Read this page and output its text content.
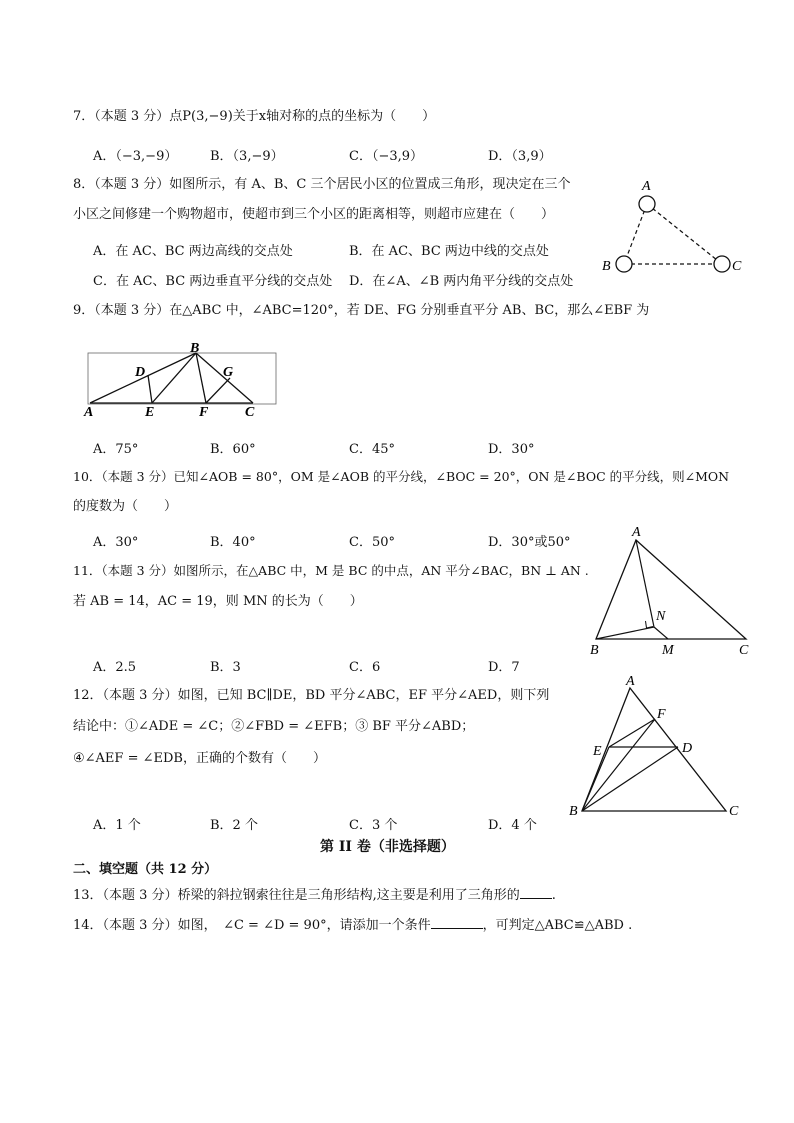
7．（本题 3 分）点P(3,−9)关于x轴对称的点的坐标为（　　）
A．（−3,−9）	B．（3,−9）	C．（−3,9）	D．（3,9）
8．（本题 3 分）如图所示，有 A、B、C 三个居民小区的位置成三角形，现决定在三个
小区之间修建一个购物超市，使超市到三个小区的距离相等，则超市应建在（　　）
A．在 AC、BC 两边高线的交点处	B．在 AC、BC 两边中线的交点处
C．在 AC、BC 两边垂直平分线的交点处 D．在∠A、∠B 两内角平分线的交点处
A
B	C
9．（本题 3 分）在△ABC 中，∠ABC=120°，若 DE、FG 分别垂直平分 AB、BC，那么∠EBF 为
B
D	G
A	E	F	C
A．75°	B．60°	C．45°	D．30°
10．（本题 3 分）已知∠AOB = 80°，OM 是∠AOB 的平分线，∠BOC = 20°，ON 是∠BOC 的平分线，则∠MON
的度数为（　　）
A．30°	B．40°	C．50°	D．30°或50°
11．（本题 3 分）如图所示，在△ABC 中，M 是 BC 的中点，AN 平分∠BAC，BN ⊥ AN .
若 AB = 14，AC = 19，则 MN 的长为（　　）
A．2.5	B．3	C．6	D．7
A
N
B	M	C
12．（本题 3 分）如图，已知 BC∥DE，BD 平分∠ABC，EF 平分∠AED，则下列
结论中：①∠ADE = ∠C；②∠FBD = ∠EFB；③ BF 平分∠ABD；
④∠AEF = ∠EDB，正确的个数有（　　）
A．1 个	B．2 个	C．3 个	D．4 个
A
F
E	D
B	C
第 II 卷（非选择题）
二、填空题（共 12 分）
13．（本题 3 分）桥梁的斜拉钢索往往是三角形结构,这主要是利用了三角形的 .
14．（本题 3 分）如图，　∠C = ∠D = 90°，请添加一个条件	，可判定△ABC≌△ABD .
